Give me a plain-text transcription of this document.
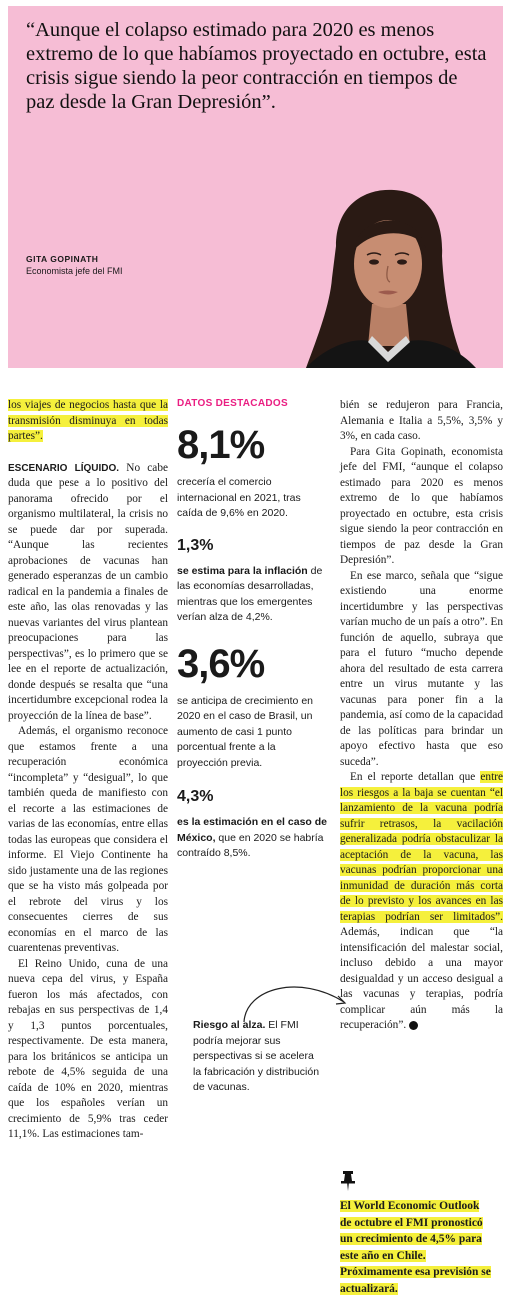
“Aunque el colapso estimado para 2020 es menos extremo de lo que habíamos proyectado en octubre, esta crisis sigue siendo la peor contracción en tiempos de paz desde la Gran Depresión”.

GITA GOPINATH
Economista jefe del FMI

los viajes de negocios hasta que la transmisión disminuya en todas partes”.

ESCENARIO LÍQUIDO. No cabe duda que pese a lo positivo del panorama ofrecido por el organismo multilateral, la crisis no se puede dar por superada. “Aunque las recientes aprobaciones de vacunas han generado esperanzas de un cambio radical en la pandemia a finales de este año, las olas renovadas y las nuevas variantes del virus plantean preocupaciones para las perspectivas”, es lo primero que se lee en el reporte de actualización, donde después se resalta que “una incertidumbre excepcional rodea la proyección de la línea de base”.

Además, el organismo reconoce que estamos frente a una recuperación económica “incompleta” y “desigual”, lo que también queda de manifiesto con el recorte a las estimaciones de varias de las economías, entre ellas todas las europeas que considera el informe. El Viejo Continente ha sido justamente una de las regiones que se ha visto más golpeada por el rebrote del virus y los consecuentes cierres de sus economías en el marco de las cuarentenas preventivas.

El Reino Unido, cuna de una nueva cepa del virus, y España fueron los más afectados, con rebajas en sus perspectivas de 1,4 y 1,3 puntos porcentuales, respectivamente. De esta manera, para los británicos se anticipa un rebote de 4,5% seguida de una caída de 10% en 2020, mientras que los españoles verían un crecimiento de 5,9% tras ceder 11,1%. Las estimaciones tam-

DATOS DESTACADOS
8,1%
crecería el comercio internacional en 2021, tras caída de 9,6% en 2020.
1,3%
se estima para la inflación de las economías desarrolladas, mientras que los emergentes verían alza de 4,2%.
3,6%
se anticipa de crecimiento en 2020 en el caso de Brasil, un aumento de casi 1 punto porcentual frente a la proyección previa.
4,3%
es la estimación en el caso de México, que en 2020 se habría contraído 8,5%.
Riesgo al alza. El FMI podría mejorar sus perspectivas si se acelera la fabricación y distribución de vacunas.

bién se redujeron para Francia, Alemania e Italia a 5,5%, 3,5% y 3%, en cada caso.

Para Gita Gopinath, economista jefe del FMI, “aunque el colapso estimado para 2020 es menos extremo de lo que habíamos proyectado en octubre, esta crisis sigue siendo la peor contracción en tiempos de paz desde la Gran Depresión”.

En ese marco, señala que “sigue existiendo una enorme incertidumbre y las perspectivas varían mucho de un país a otro”. En función de aquello, subraya que para el futuro “mucho depende ahora del resultado de esta carrera entre un virus mutante y las vacunas para poner fin a la pandemia, así como de la capacidad de las políticas para brindar un apoyo efectivo hasta que eso suceda”.

En el reporte detallan que entre los riesgos a la baja se cuentan “el lanzamiento de la vacuna podría sufrir retrasos, la vacilación generalizada podría obstaculizar la aceptación de la vacuna, las vacunas podrían proporcionar una inmunidad de duración más corta de lo previsto y los avances en las terapias podrían ser limitados”. Además, indican que “la intensificación del malestar social, incluso debido a una mayor desigualdad y un acceso desigual a las vacunas y terapias, podría complicar aún más la recuperación”. P

El World Economic Outlook de octubre el FMI pronosticó un crecimiento de 4,5% para este año en Chile. Próximamente esa previsión se actualizará.
